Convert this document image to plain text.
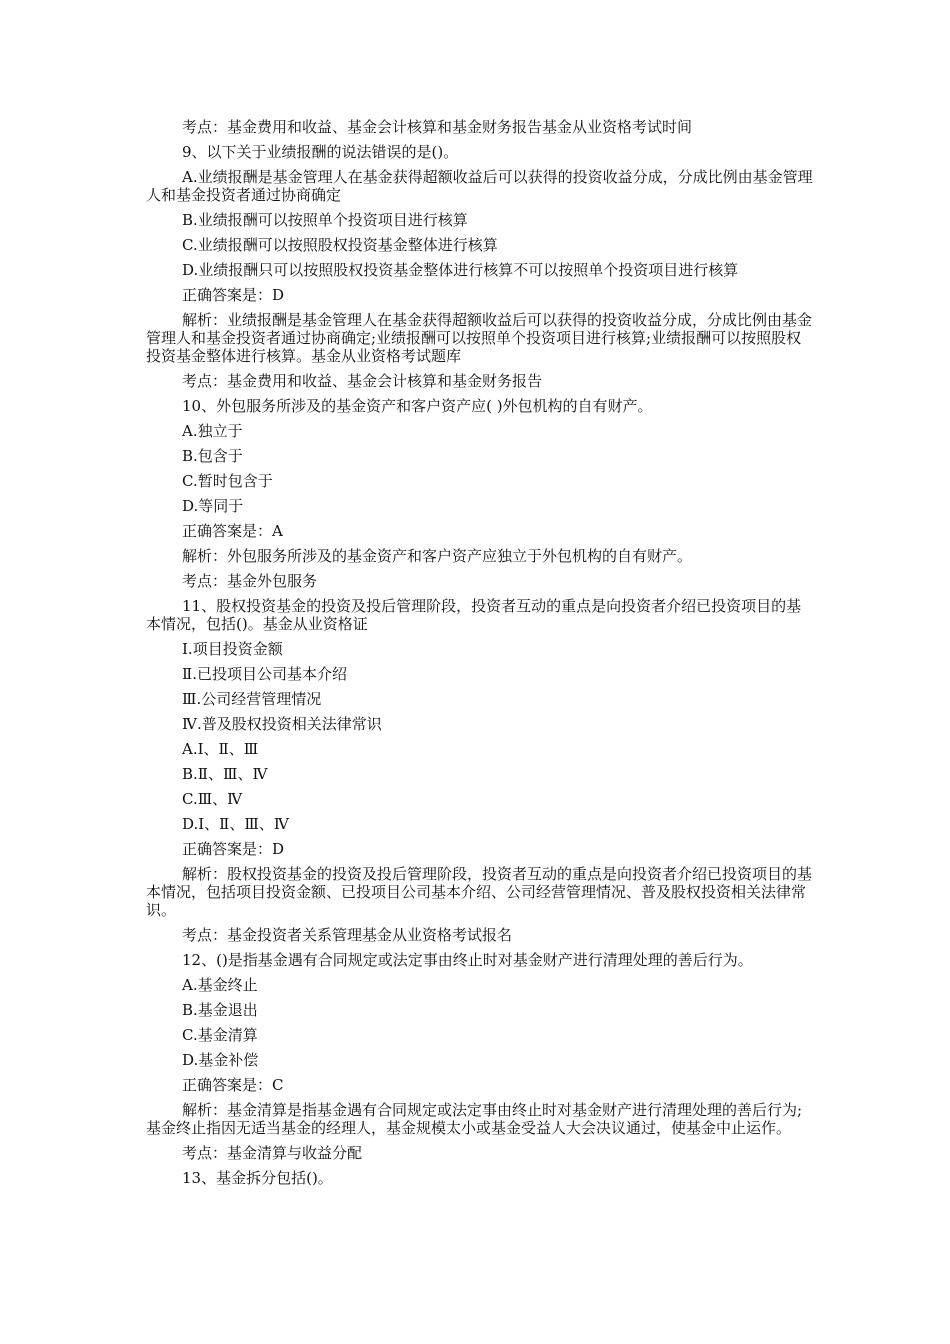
考点：基金费用和收益、基金会计核算和基金财务报告基金从业资格考试时间

9、以下关于业绩报酬的说法错误的是()。

A.业绩报酬是基金管理人在基金获得超额收益后可以获得的投资收益分成，分成比例由基金管理人和基金投资者通过协商确定

B.业绩报酬可以按照单个投资项目进行核算

C.业绩报酬可以按照股权投资基金整体进行核算

D.业绩报酬只可以按照股权投资基金整体进行核算不可以按照单个投资项目进行核算

正确答案是：D

解析：业绩报酬是基金管理人在基金获得超额收益后可以获得的投资收益分成，分成比例由基金管理人和基金投资者通过协商确定;业绩报酬可以按照单个投资项目进行核算;业绩报酬可以按照股权投资基金整体进行核算。基金从业资格考试题库

考点：基金费用和收益、基金会计核算和基金财务报告

10、外包服务所涉及的基金资产和客户资产应( )外包机构的自有财产。

A.独立于

B.包含于

C.暂时包含于

D.等同于

正确答案是：A

解析：外包服务所涉及的基金资产和客户资产应独立于外包机构的自有财产。

考点：基金外包服务

11、股权投资基金的投资及投后管理阶段，投资者互动的重点是向投资者介绍已投资项目的基本情况，包括()。基金从业资格证

Ⅰ.项目投资金额

Ⅱ.已投项目公司基本介绍

Ⅲ.公司经营管理情况

Ⅳ.普及股权投资相关法律常识

A.Ⅰ、Ⅱ、Ⅲ

B.Ⅱ、Ⅲ、Ⅳ

C.Ⅲ、Ⅳ

D.Ⅰ、Ⅱ、Ⅲ、Ⅳ

正确答案是：D

解析：股权投资基金的投资及投后管理阶段，投资者互动的重点是向投资者介绍已投资项目的基本情况，包括项目投资金额、已投项目公司基本介绍、公司经营管理情况、普及股权投资相关法律常识。

考点：基金投资者关系管理基金从业资格考试报名

12、()是指基金遇有合同规定或法定事由终止时对基金财产进行清理处理的善后行为。

A.基金终止

B.基金退出

C.基金清算

D.基金补偿

正确答案是：C

解析：基金清算是指基金遇有合同规定或法定事由终止时对基金财产进行清理处理的善后行为;基金终止指因无适当基金的经理人，基金规模太小或基金受益人大会决议通过，使基金中止运作。

考点：基金清算与收益分配

13、基金拆分包括()。
